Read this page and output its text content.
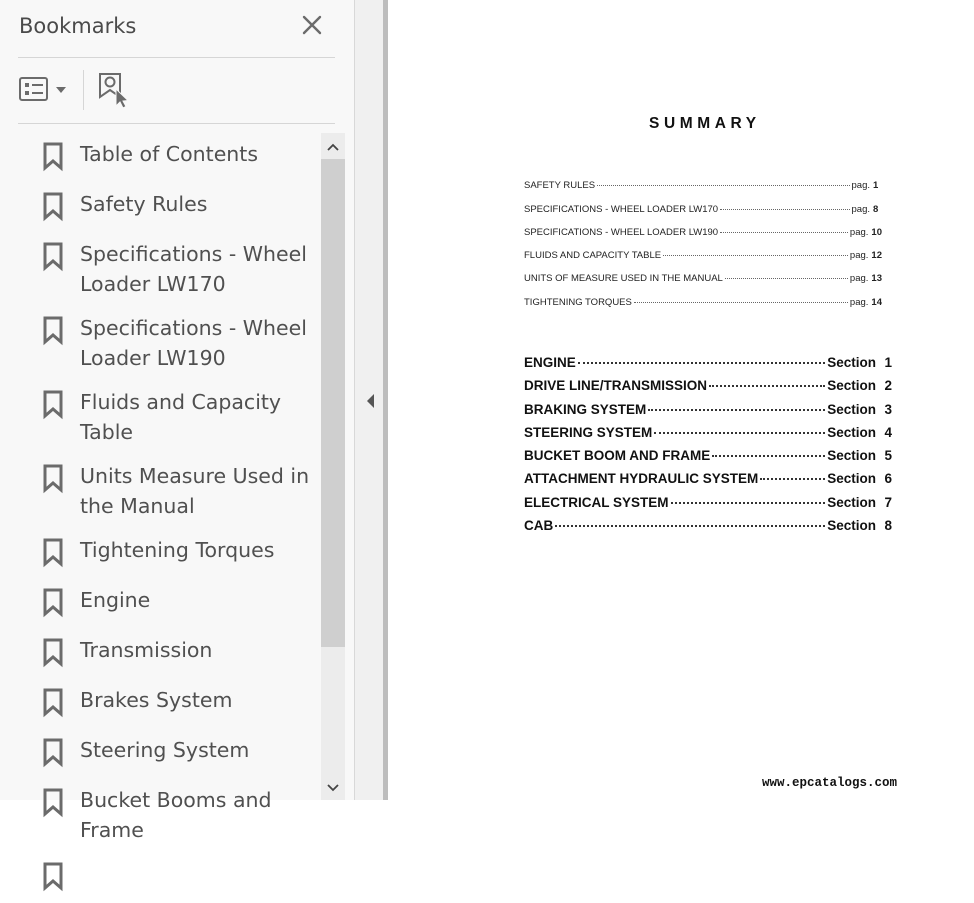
Bookmarks
Table of Contents
Safety Rules
Specifications - Wheel Loader LW170
Specifications - Wheel Loader LW190
Fluids and Capacity Table
Units Measure Used in the Manual
Tightening Torques
Engine
Transmission
Brakes System
Steering System
Bucket Booms and Frame
SUMMARY
SAFETY RULES	pag. 1
SPECIFICATIONS - WHEEL LOADER LW170	pag. 8
SPECIFICATIONS - WHEEL LOADER LW190	pag. 10
FLUIDS AND CAPACITY TABLE	pag. 12
UNITS OF MEASURE USED IN THE MANUAL	pag. 13
TIGHTENING TORQUES	pag. 14
ENGINE	Section 1
DRIVE LINE/TRANSMISSION	Section 2
BRAKING SYSTEM	Section 3
STEERING SYSTEM	Section 4
BUCKET BOOM AND FRAME	Section 5
ATTACHMENT HYDRAULIC SYSTEM	Section 6
ELECTRICAL SYSTEM	Section 7
CAB	Section 8
www.epcatalogs.com
